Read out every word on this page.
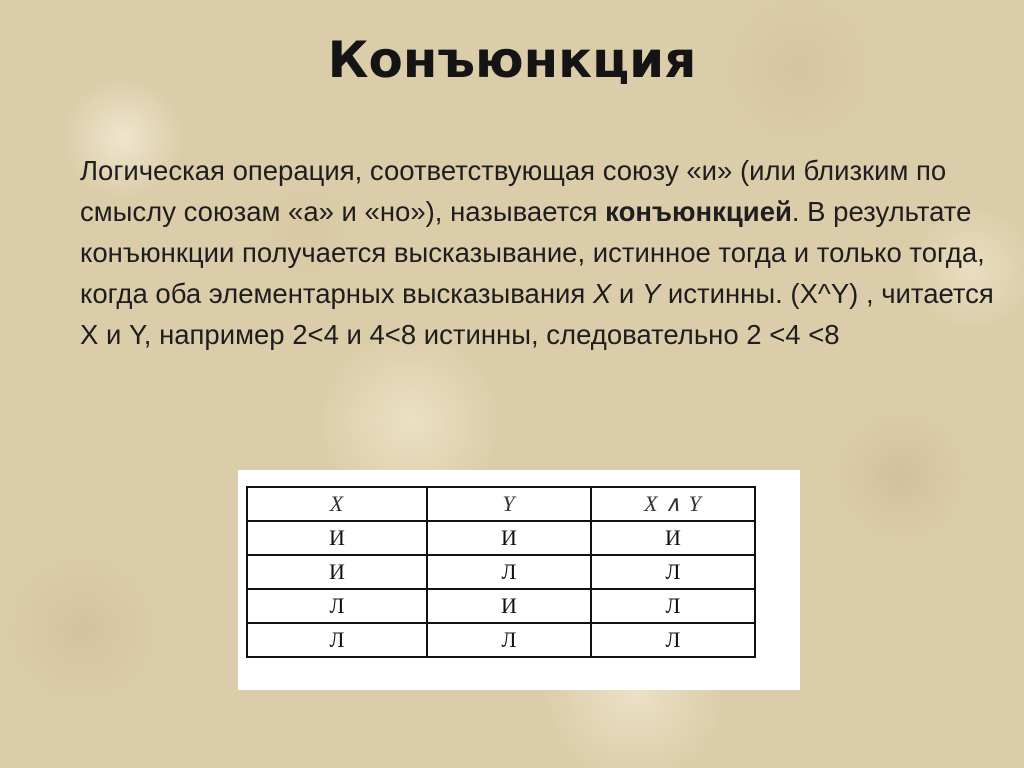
Конъюнкция
Логическая операция, соответствующая союзу «и» (или близким по смыслу союзам «а» и «но»), называется конъюнкцией. В результате конъюнкции получается высказывание, истинное тогда и только тогда, когда оба элементарных высказывания X и Y истинны. (X^Y) , читается X и Y, например 2<4 и 4<8 истинны, следовательно 2 <4 <8
X	Y	X ∧ Y
И	И	И
И	Л	Л
Л	И	Л
Л	Л	Л
